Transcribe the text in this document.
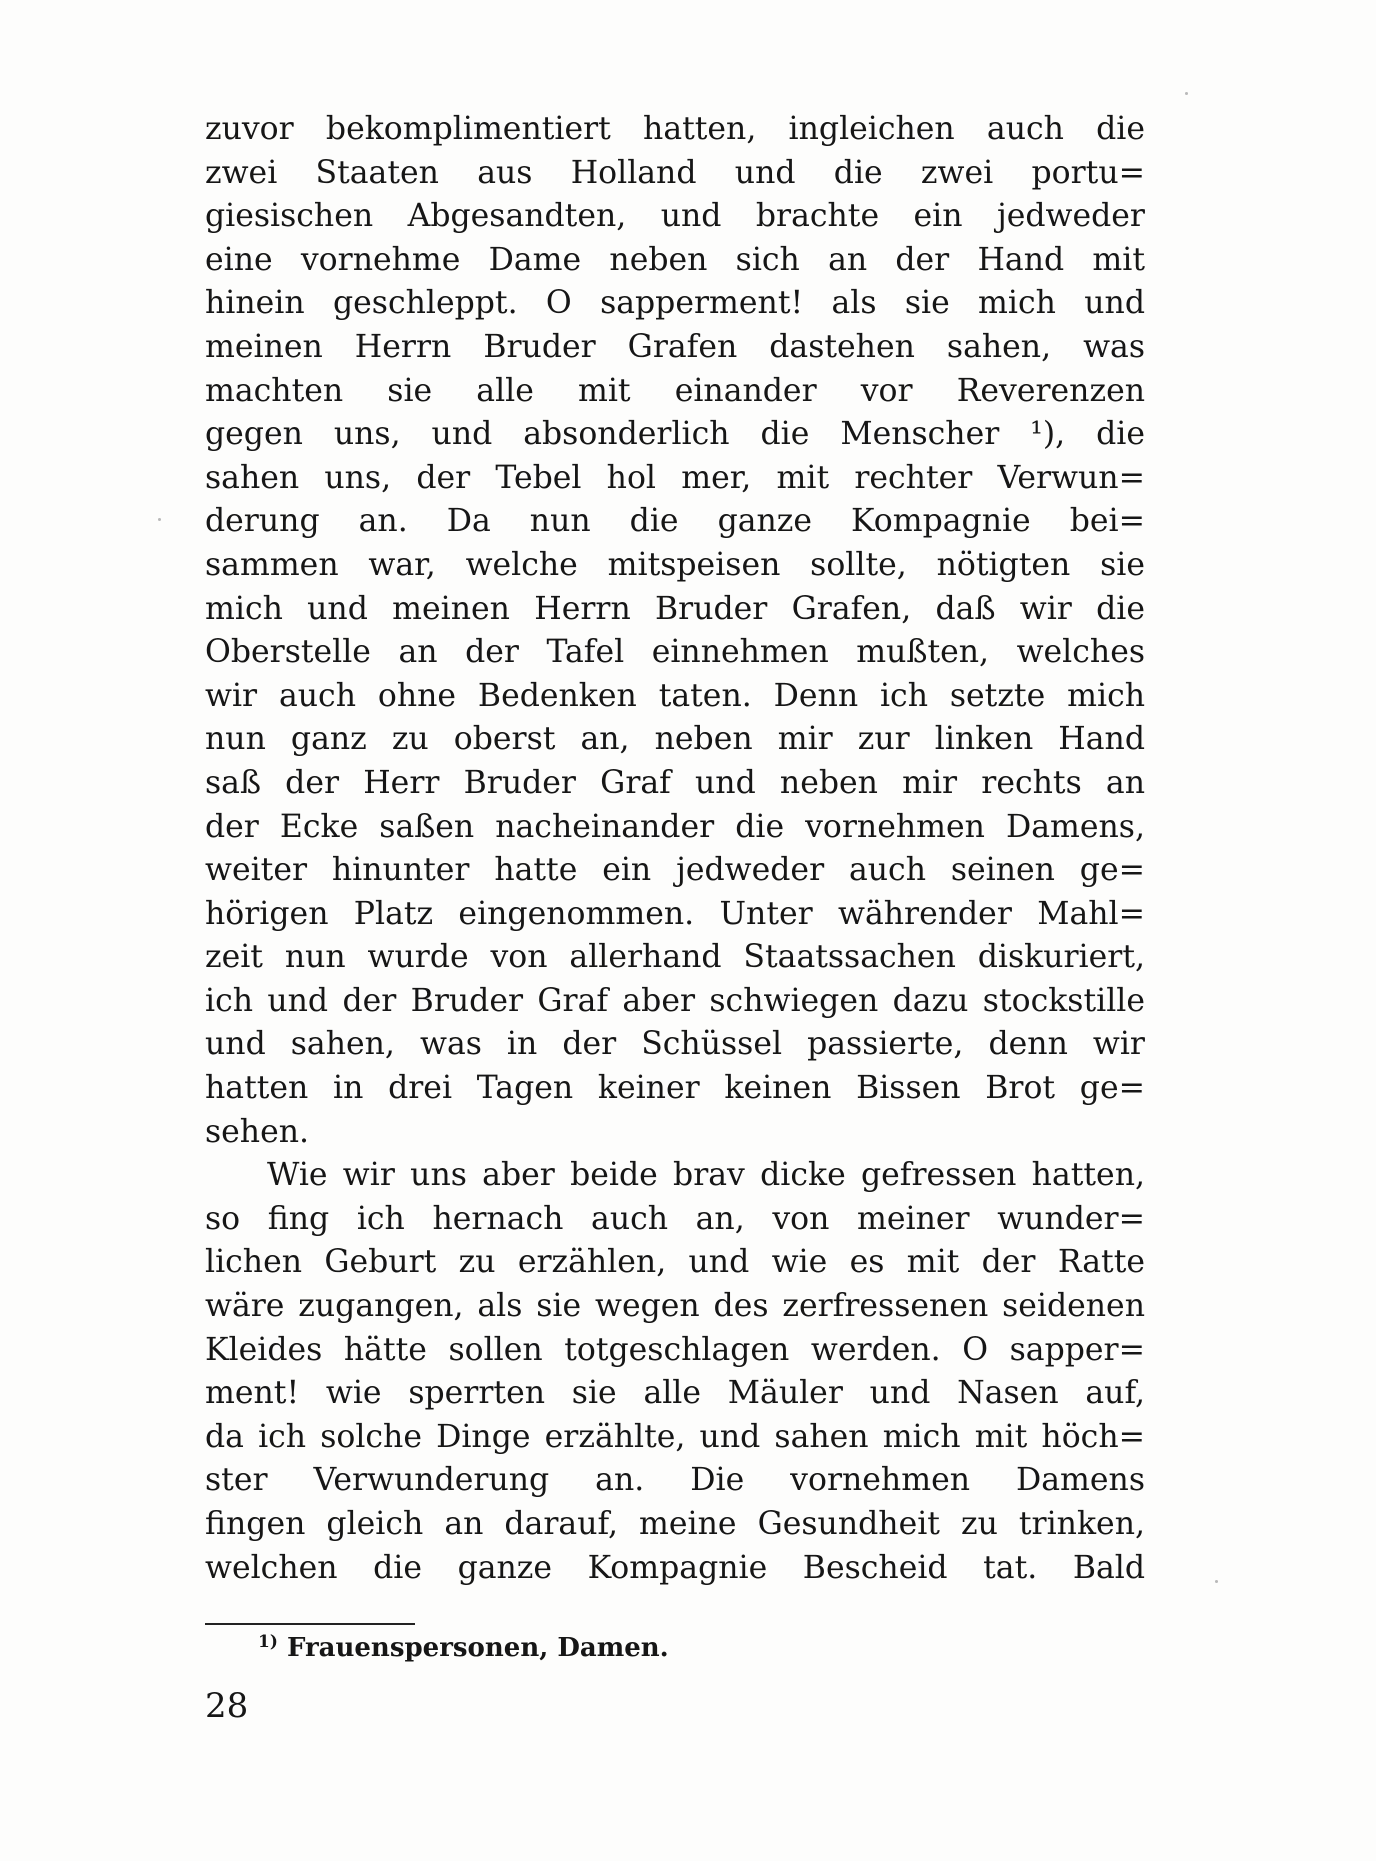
zuvor bekomplimentiert hatten, ingleichen auch die
zwei Staaten aus Holland und die zwei portu=
giesischen Abgesandten, und brachte ein jedweder
eine vornehme Dame neben sich an der Hand mit
hinein geschleppt. O sapperment! als sie mich und
meinen Herrn Bruder Grafen dastehen sahen, was
machten sie alle mit einander vor Reverenzen
gegen uns, und absonderlich die Menscher ¹), die
sahen uns, der Tebel hol mer, mit rechter Verwun=
derung an. Da nun die ganze Kompagnie bei=
sammen war, welche mitspeisen sollte, nötigten sie
mich und meinen Herrn Bruder Grafen, daß wir die
Oberstelle an der Tafel einnehmen mußten, welches
wir auch ohne Bedenken taten. Denn ich setzte mich
nun ganz zu oberst an, neben mir zur linken Hand
saß der Herr Bruder Graf und neben mir rechts an
der Ecke saßen nacheinander die vornehmen Damens,
weiter hinunter hatte ein jedweder auch seinen ge=
hörigen Platz eingenommen. Unter währender Mahl=
zeit nun wurde von allerhand Staatssachen diskuriert,
ich und der Bruder Graf aber schwiegen dazu stockstille
und sahen, was in der Schüssel passierte, denn wir
hatten in drei Tagen keiner keinen Bissen Brot ge=
sehen.
Wie wir uns aber beide brav dicke gefressen hatten,
so fing ich hernach auch an, von meiner wunder=
lichen Geburt zu erzählen, und wie es mit der Ratte
wäre zugangen, als sie wegen des zerfressenen seidenen
Kleides hätte sollen totgeschlagen werden. O sapper=
ment! wie sperrten sie alle Mäuler und Nasen auf,
da ich solche Dinge erzählte, und sahen mich mit höch=
ster Verwunderung an. Die vornehmen Damens
fingen gleich an darauf, meine Gesundheit zu trinken,
welchen die ganze Kompagnie Bescheid tat. Bald
$^{1)}$ Frauenspersonen, Damen.
28
